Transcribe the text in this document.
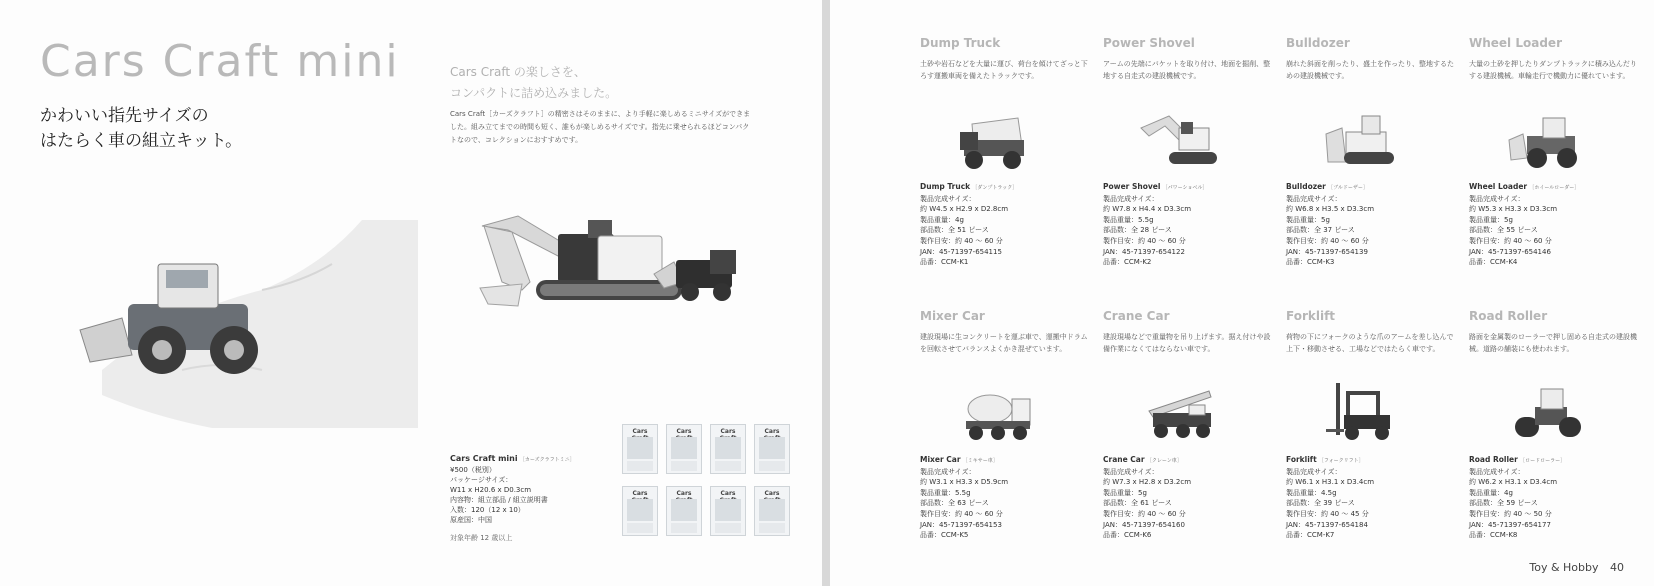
Cars Craft mini
かわいい指先サイズの
はたらく車の組立キット。
Cars Craft の楽しさを、
コンパクトに詰め込みました。

Cars Craft［カーズクラフト］の精密さはそのままに、より手軽に楽しめるミニサイズができました。組み立てまでの時間も短く、誰もが楽しめるサイズです。指先に乗せられるほどコンパクトなので、コレクションにおすすめです。

Cars Craft mini ［カーズクラフトミニ］
¥500（税別）
パッケージサイズ：
W11 x H20.6 x D0.3cm
内容物：組立部品 / 組立説明書
入数：120（12 x 10）
原産国：中国
対象年齢 12 歳以上
Cars	Cars	Cars	Cars
Cars	Cars	Cars	Cars
Dump Truck
土砂や岩石などを大量に運び、荷台を傾けてざっと下ろす運搬車両を備えたトラックです。
Dump Truck ［ダンプトラック］
製品完成サイズ：
約 W4.5 x H2.9 x D2.8cm
製品重量：4g
部品数：全 51 ピース
製作目安：約 40 〜 60 分
JAN：45-71397-654115
品番：CCM-K1
Power Shovel
アームの先端にバケットを取り付け、地面を掘削、整地する自走式の建設機械です。
Power Shovel ［パワーショベル］
製品完成サイズ：
約 W7.8 x H4.4 x D3.3cm
製品重量：5.5g
部品数：全 28 ピース
製作目安：約 40 〜 60 分
JAN：45-71397-654122
品番：CCM-K2
Bulldozer
崩れた斜面を削ったり、盛土を作ったり、整地するための建設機械です。
Bulldozer ［ブルドーザー］
製品完成サイズ：
約 W6.8 x H3.5 x D3.3cm
製品重量：5g
部品数：全 37 ピース
製作目安：約 40 〜 60 分
JAN：45-71397-654139
品番：CCM-K3
Wheel Loader
大量の土砂を押したりダンプトラックに積み込んだりする建設機械。車輪走行で機動力に優れています。
Wheel Loader ［ホイールローダー］
製品完成サイズ：
約 W5.3 x H3.3 x D3.3cm
製品重量：5g
部品数：全 55 ピース
製作目安：約 40 〜 60 分
JAN：45-71397-654146
品番：CCM-K4
Mixer Car
建設現場に生コンクリートを運ぶ車で、運搬中ドラムを回転させてバランスよくかき混ぜています。
Mixer Car ［ミキサー車］
製品完成サイズ：
約 W3.1 x H3.3 x D5.9cm
製品重量：5.5g
部品数：全 63 ピース
製作目安：約 40 〜 60 分
JAN：45-71397-654153
品番：CCM-K5
Crane Car
建設現場などで重量物を吊り上げます。据え付けや設備作業になくてはならない車です。
Crane Car ［クレーン車］
製品完成サイズ：
約 W7.3 x H2.8 x D3.2cm
製品重量：5g
部品数：全 61 ピース
製作目安：約 40 〜 60 分
JAN：45-71397-654160
品番：CCM-K6
Forklift
荷物の下にフォークのような爪のアームを差し込んで上下・移動させる、工場などではたらく車です。
Forklift ［フォークリフト］
製品完成サイズ：
約 W6.1 x H3.1 x D3.4cm
製品重量：4.5g
部品数：全 39 ピース
製作目安：約 40 〜 45 分
JAN：45-71397-654184
品番：CCM-K7
Road Roller
路面を金属製のローラーで押し固める自走式の建設機械。道路の舗装にも使われます。
Road Roller ［ロードローラー］
製品完成サイズ：
約 W6.2 x H3.1 x D3.4cm
製品重量：4g
部品数：全 59 ピース
製作目安：約 40 〜 50 分
JAN：45-71397-654177
品番：CCM-K8
Toy & Hobby 40
